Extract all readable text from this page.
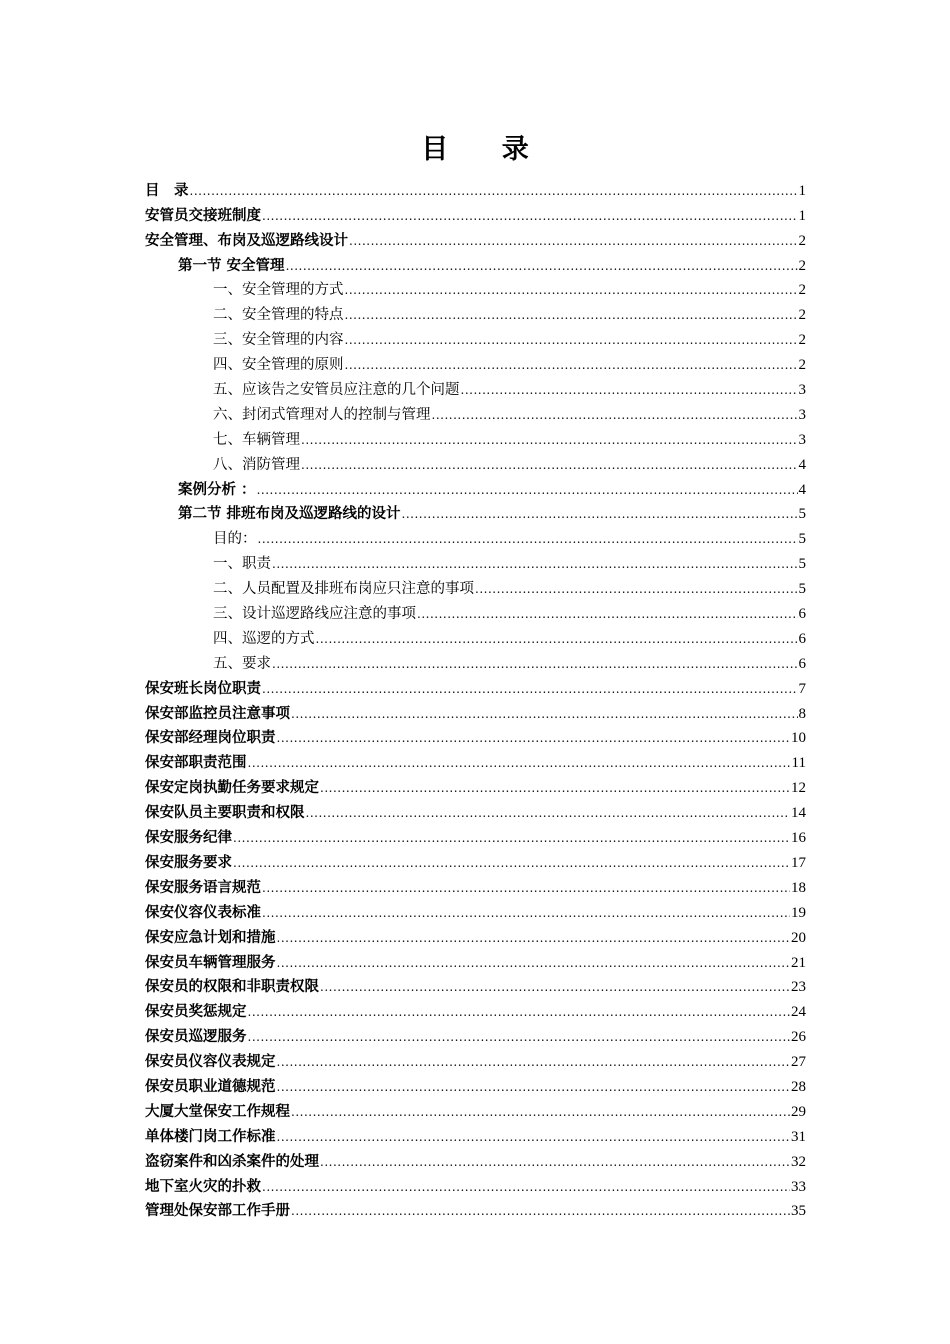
目 录
目　录 .....	1
安管员交接班制度 .....	1
安全管理、布岗及巡逻路线设计 .....	2
第一节 安全管理 .....	2
一、安全管理的方式 .....	2
二、安全管理的特点 .....	2
三、安全管理的内容 .....	2
四、安全管理的原则 .....	2
五、应该告之安管员应注意的几个问题 .....	3
六、封闭式管理对人的控制与管理 .....	3
七、车辆管理 .....	3
八、消防管理 .....	4
案例分析 ： .....	4
第二节 排班布岗及巡逻路线的设计 .....	5
目的： .....	5
一、职责 .....	5
二、人员配置及排班布岗应只注意的事项 .....	5
三、设计巡逻路线应注意的事项 .....	6
四、巡逻的方式 .....	6
五、要求 .....	6
保安班长岗位职责 .....	7
保安部监控员注意事项 .....	8
保安部经理岗位职责 .....	10
保安部职责范围 .....	11
保安定岗执勤任务要求规定 .....	12
保安队员主要职责和权限 .....	14
保安服务纪律 .....	16
保安服务要求 .....	17
保安服务语言规范 .....	18
保安仪容仪表标准 .....	19
保安应急计划和措施 .....	20
保安员车辆管理服务 .....	21
保安员的权限和非职责权限 .....	23
保安员奖惩规定 .....	24
保安员巡逻服务 .....	26
保安员仪容仪表规定 .....	27
保安员职业道德规范 .....	28
大厦大堂保安工作规程 .....	29
单体楼门岗工作标准 .....	31
盗窃案件和凶杀案件的处理 .....	32
地下室火灾的扑救 .....	33
管理处保安部工作手册 .....	35
